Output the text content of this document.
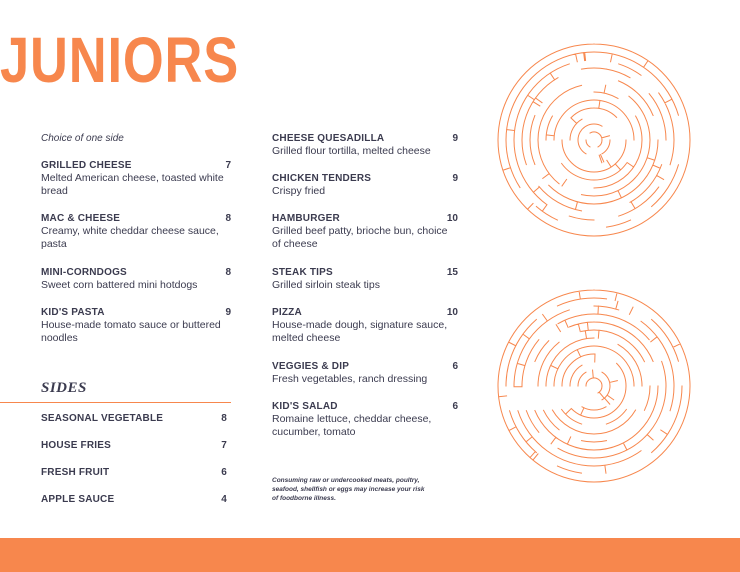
JUNIORS
Choice of one side
GRILLED CHEESE	7
Melted American cheese, toasted white bread
MAC & CHEESE	8
Creamy, white cheddar cheese sauce, pasta
MINI-CORNDOGS	8
Sweet corn battered mini hotdogs
KID'S PASTA	9
House-made tomato sauce or buttered noodles
CHEESE QUESADILLA	9
Grilled flour tortilla, melted cheese
CHICKEN TENDERS	9
Crispy fried
HAMBURGER	10
Grilled beef patty, brioche bun, choice of cheese
STEAK TIPS	15
Grilled sirloin steak tips
PIZZA	10
House-made dough, signature sauce, melted cheese
VEGGIES & DIP	6
Fresh vegetables, ranch dressing
KID'S SALAD	6
Romaine lettuce, cheddar cheese, cucumber, tomato
SIDES
SEASONAL VEGETABLE	8
HOUSE FRIES	7
FRESH FRUIT	6
APPLE SAUCE	4
Consuming raw or undercooked meats, poultry, seafood, shellfish or eggs may increase your risk of foodborne illness.
